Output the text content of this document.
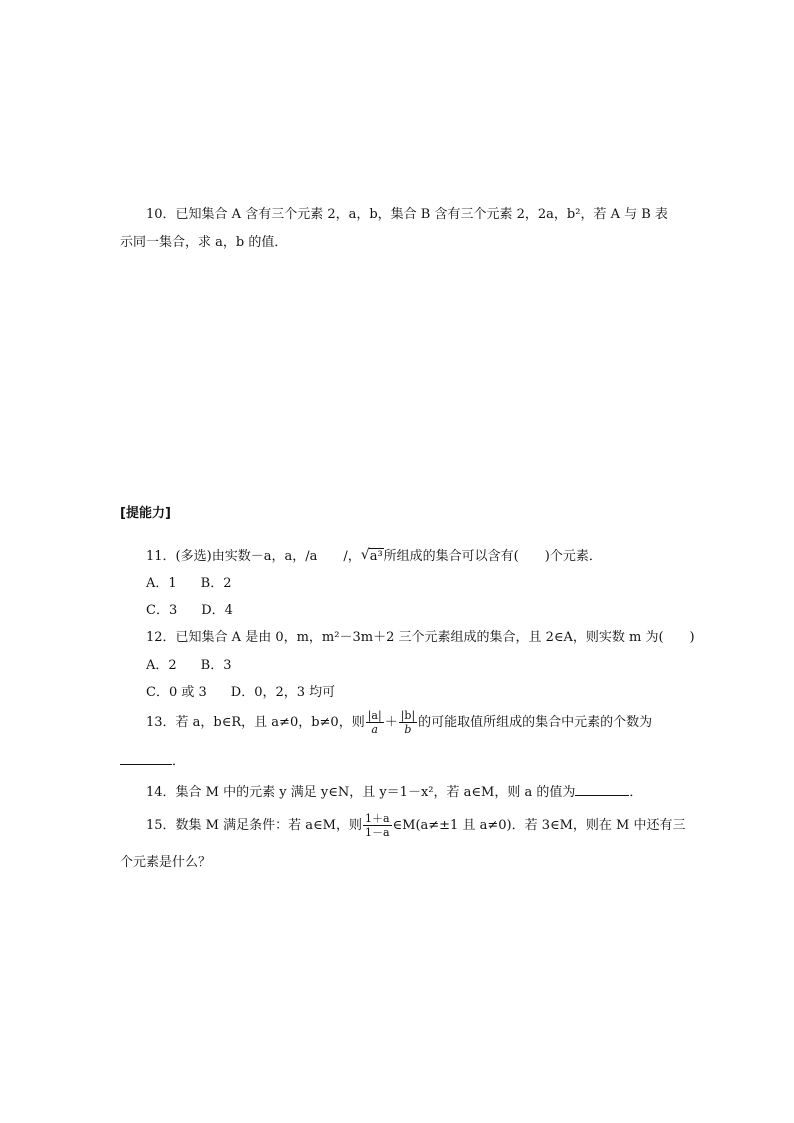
10．已知集合 A 含有三个元素 2，a，b，集合 B 含有三个元素 2，2a，b²，若 A 与 B 表
示同一集合，求 a，b 的值．
[提能力]
11．(多选)由实数－a，a，/a　　/， √ a³所组成的集合可以含有(　　)个元素．
A．1 B．2
C．3 D．4
12．已知集合 A 是由 0，m，m²－3m＋2 三个元素组成的集合，且 2∈A，则实数 m 为(　　)
A．2 B．3
C．0 或 3 D．0，2，3 均可
13．若 a，b∈R，且 a≠0，b≠0，则 $\frac{|a|}{a} + \frac{|b|}{b}$ 的可能取值所组成的集合中元素的个数为
．
14．集合 M 中的元素 y 满足 y∈N，且 y＝1－x²，若 a∈M，则 a 的值为	．
15．数集 M 满足条件：若 a∈M，则 $\frac{1+a}{1-a}$ ∈M(a≠±1 且 a≠0)．若 3∈M，则在 M 中还有三
个元素是什么？
